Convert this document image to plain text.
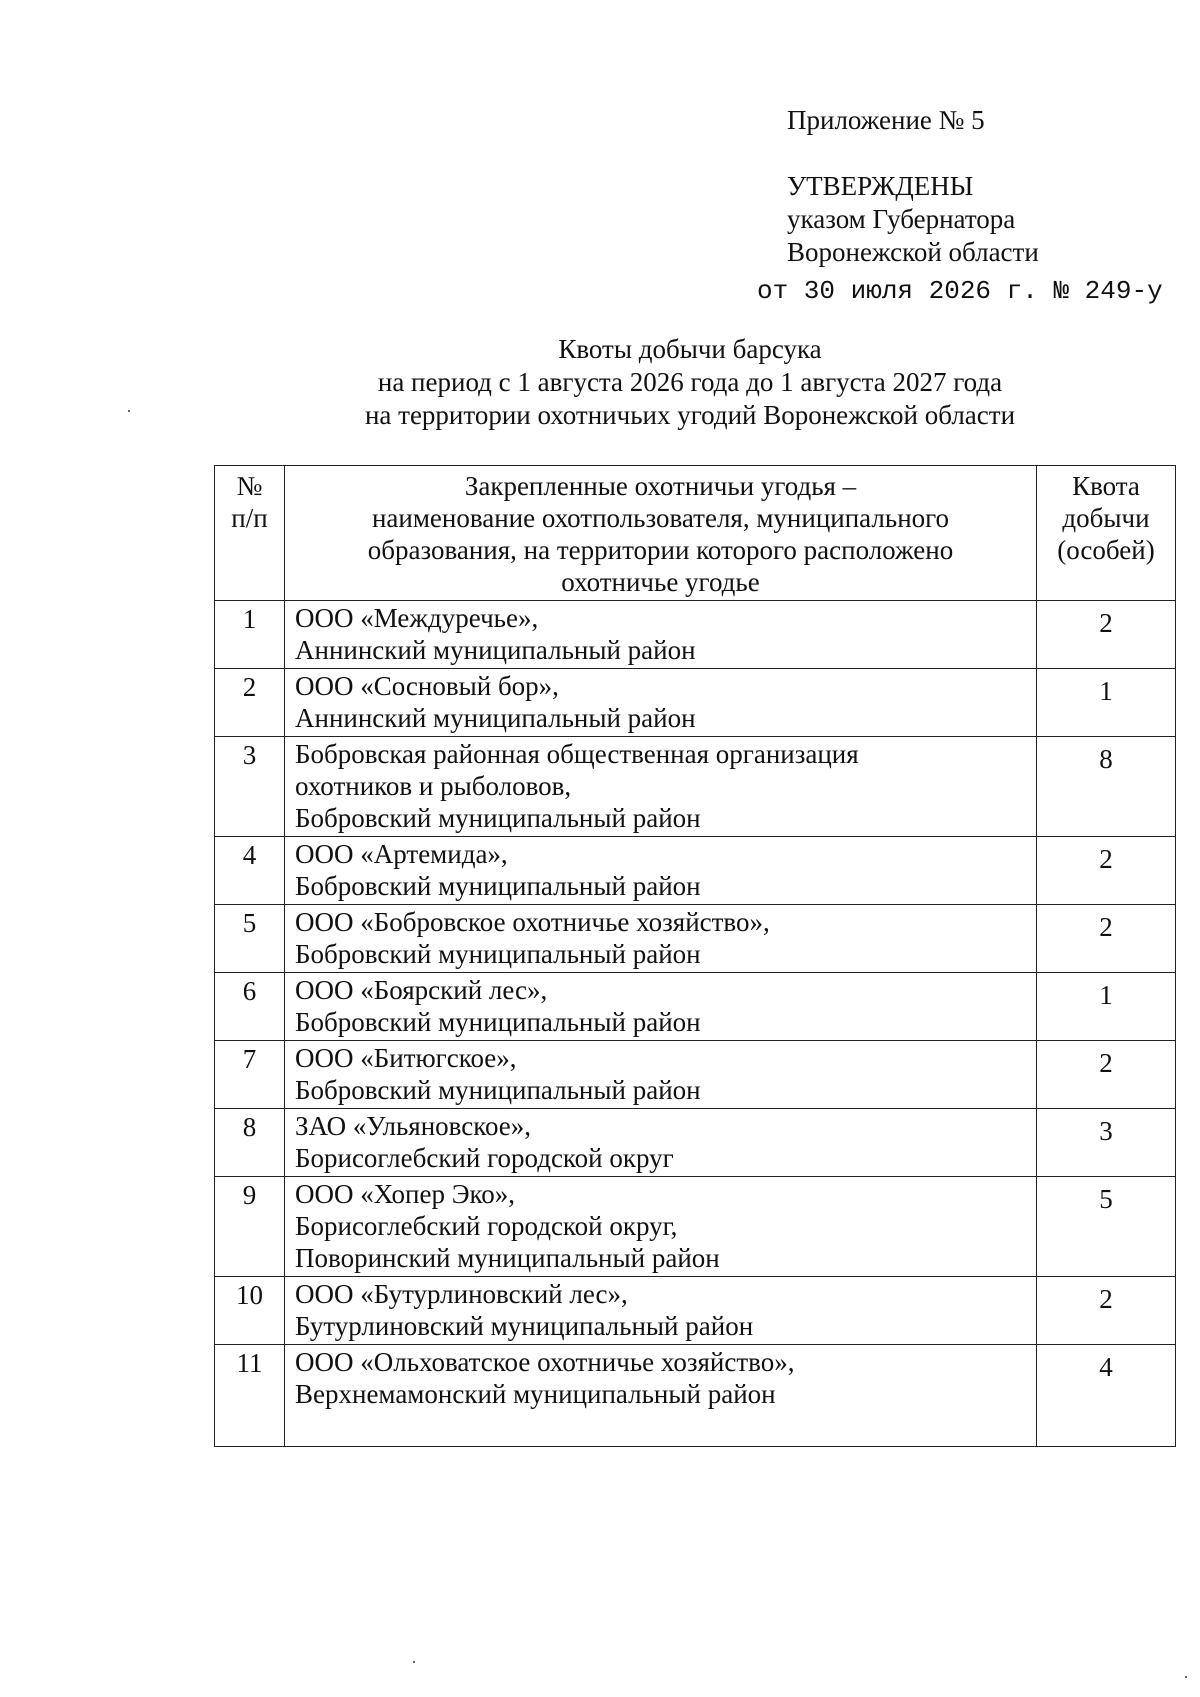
Приложение № 5
УТВЕРЖДЕНЫ
указом Губернатора
Воронежской области
от 30 июля 2026 г. № 249-у
Квоты добычи барсука
на период с 1 августа 2026 года до 1 августа 2027 года
на территории охотничьих угодий Воронежской области
№
п/п	Закрепленные охотничьи угодья –
наименование охотпользователя, муниципального
образования, на территории которого расположено
охотничье угодье	Квота
добычи
(особей)

1	ООО «Междуречье»,
Аннинский муниципальный район	2
2	ООО «Сосновый бор»,
Аннинский муниципальный район	1
3	Бобровская районная общественная организация
охотников и рыболовов,
Бобровский муниципальный район	8
4	ООО «Артемида»,
Бобровский муниципальный район	2
5	ООО «Бобровское охотничье хозяйство»,
Бобровский муниципальный район	2
6	ООО «Боярский лес»,
Бобровский муниципальный район	1
7	ООО «Битюгское»,
Бобровский муниципальный район	2
8	ЗАО «Ульяновское»,
Борисоглебский городской округ	3
9	ООО «Хопер Эко»,
Борисоглебский городской округ,
Поворинский муниципальный район	5
10	ООО «Бутурлиновский лес»,
Бутурлиновский муниципальный район	2
11	ООО «Ольховатское охотничье хозяйство»,
Верхнемамонский муниципальный район	4
